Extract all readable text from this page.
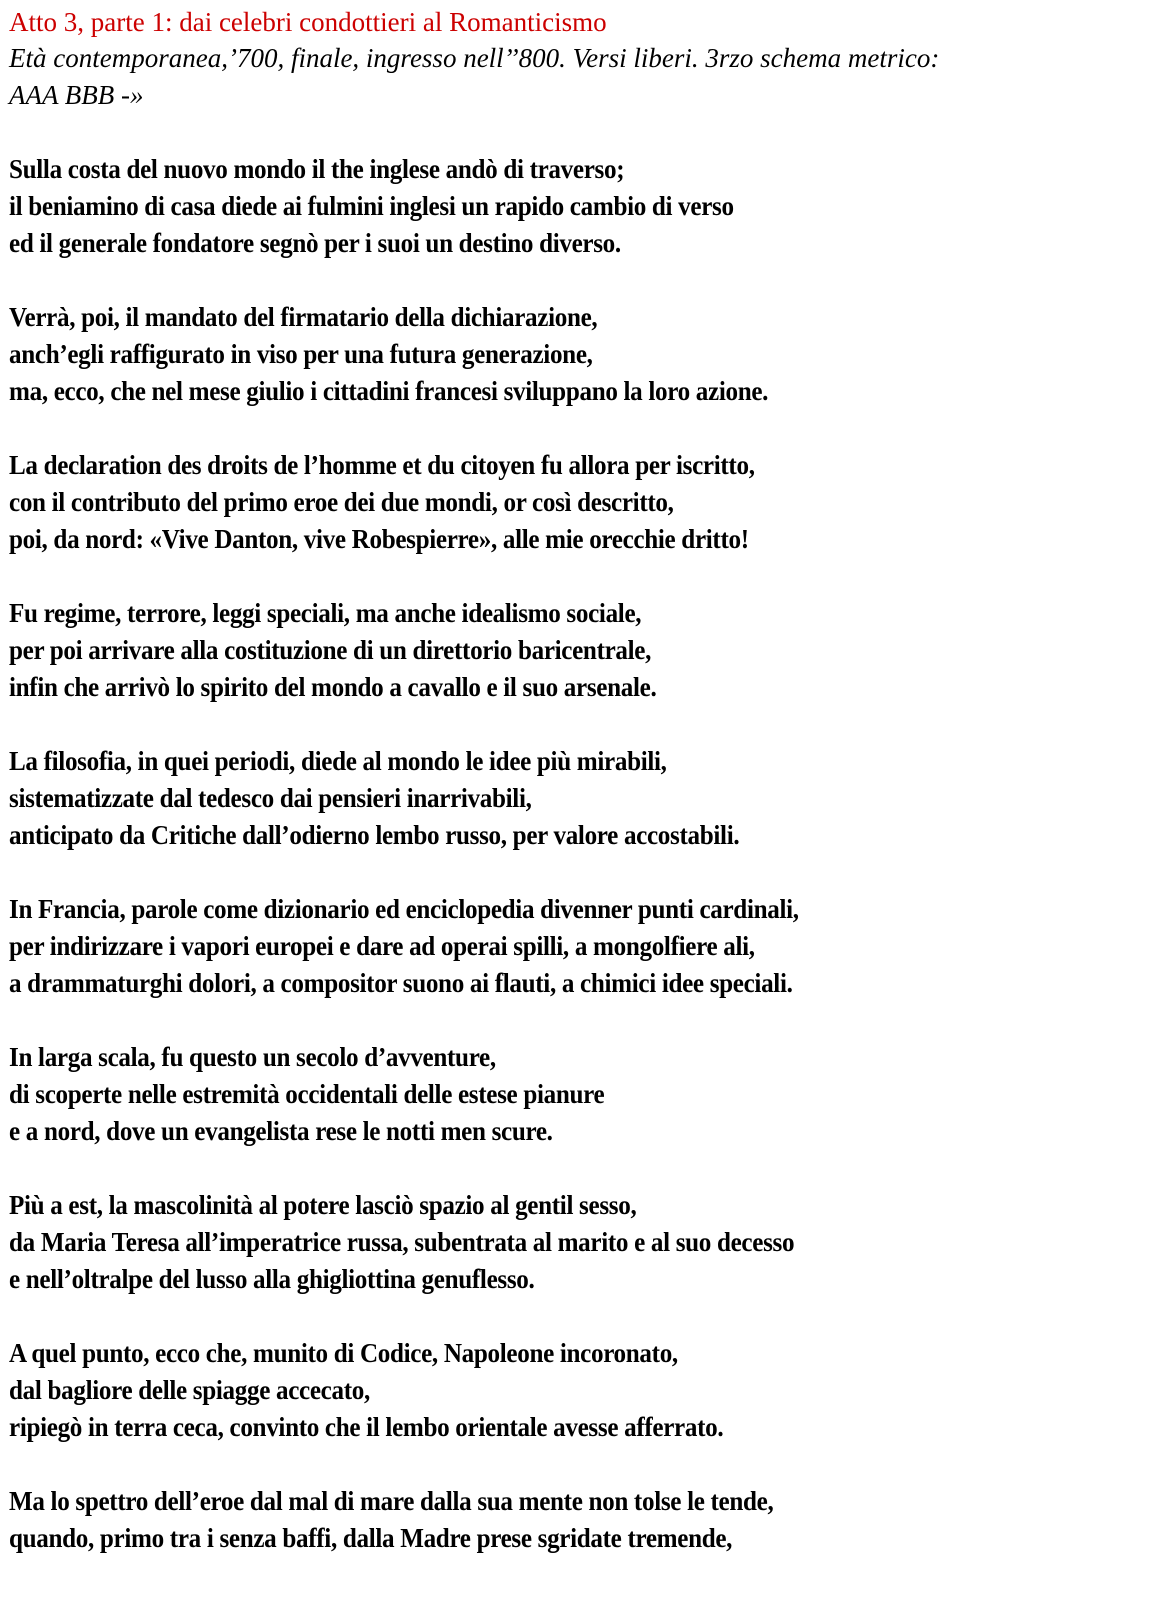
Atto 3, parte 1: dai celebri condottieri al Romanticismo

Età contemporanea,’700, finale, ingresso nell’’800. Versi liberi. 3rzo schema metrico:
AAA BBB -»

Sulla costa del nuovo mondo il the inglese andò di traverso;
il beniamino di casa diede ai fulmini inglesi un rapido cambio di verso
ed il generale fondatore segnò per i suoi un destino diverso.
Verrà, poi, il mandato del firmatario della dichiarazione,
anch’egli raffigurato in viso per una futura generazione,
ma, ecco, che nel mese giulio i cittadini francesi sviluppano la loro azione.
La declaration des droits de l’homme et du citoyen fu allora per iscritto,
con il contributo del primo eroe dei due mondi, or così descritto,
poi, da nord: «Vive Danton, vive Robespierre», alle mie orecchie dritto!
Fu regime, terrore, leggi speciali, ma anche idealismo sociale,
per poi arrivare alla costituzione di un direttorio baricentrale,
infin che arrivò lo spirito del mondo a cavallo e il suo arsenale.
La filosofia, in quei periodi, diede al mondo le idee più mirabili,
sistematizzate dal tedesco dai pensieri inarrivabili,
anticipato da Critiche dall’odierno lembo russo, per valore accostabili.
In Francia, parole come dizionario ed enciclopedia divenner punti cardinali,
per indirizzare i vapori europei e dare ad operai spilli, a mongolfiere ali,
a drammaturghi dolori, a compositor suono ai flauti, a chimici idee speciali.
In larga scala, fu questo un secolo d’avventure,
di scoperte nelle estremità occidentali delle estese pianure
e a nord, dove un evangelista rese le notti men scure.
Più a est, la mascolinità al potere lasciò spazio al gentil sesso,
da Maria Teresa all’imperatrice russa, subentrata al marito e al suo decesso
e nell’oltralpe del lusso alla ghigliottina genuflesso.
A quel punto, ecco che, munito di Codice, Napoleone incoronato,
dal bagliore delle spiagge accecato,
ripiegò in terra ceca, convinto che il lembo orientale avesse afferrato.
Ma lo spettro dell’eroe dal mal di mare dalla sua mente non tolse le tende,
quando, primo tra i senza baffi, dalla Madre prese sgridate tremende,
